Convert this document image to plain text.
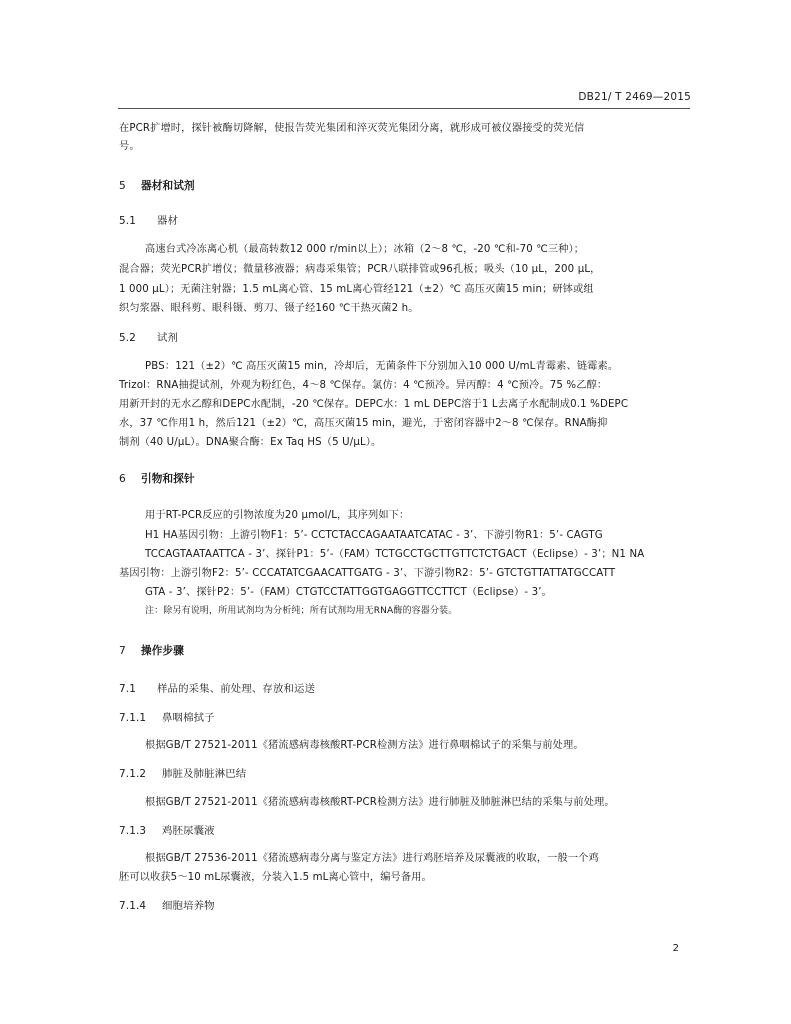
DB21/ T 2469—2015
在PCR扩增时，探针被酶切降解，使报告荧光集团和淬灭荧光集团分离，就形成可被仪器接受的荧光信
号。
5 器材和试剂
5.1 器材
高速台式冷冻离心机（最高转数12 000 r/min以上）；冰箱（2～8 ℃，-20 ℃和-70 ℃三种）；
混合器；荧光PCR扩增仪；微量移液器；病毒采集管；PCR八联排管或96孔板；吸头（10 μL，200 μL，
1 000 μL）；无菌注射器；1.5 mL离心管、15 mL离心管经121（±2）℃ 高压灭菌15 min；研钵或组
织匀浆器、眼科剪、眼科镊、剪刀、镊子经160 ℃干热灭菌2 h。
5.2 试剂
PBS：121（±2）℃ 高压灭菌15 min，冷却后，无菌条件下分别加入10 000 U/mL青霉素、链霉素。
Trizol：RNA抽提试剂，外观为粉红色，4～8 ℃保存。氯仿：4 ℃预冷。异丙醇：4 ℃预冷。75 %乙醇：
用新开封的无水乙醇和DEPC水配制，-20 ℃保存。DEPC水：1 mL DEPC溶于1 L去离子水配制成0.1 %DEPC
水，37 ℃作用1 h，然后121（±2）℃，高压灭菌15 min，避光，于密闭容器中2～8 ℃保存。RNA酶抑
制剂（40 U/μL）。DNA聚合酶：Ex Taq HS（5 U/μL）。
6 引物和探针
用于RT-PCR反应的引物浓度为20 μmol/L，其序列如下：
H1 HA基因引物：上游引物F1：5’- CCTCTACCAGAATAATCATAC - 3’、下游引物R1：5’- CAGTG
TCCAGTAATAATTCA - 3’、探针P1：5’-（FAM）TCTGCCTGCTTGTTCTCTGACT（Eclipse）- 3’；N1 NA
基因引物：上游引物F2：5’- CCCATATCGAACATTGATG - 3’、下游引物R2：5’- GTCTGTTATTATGCCATT
GTA - 3’、探针P2：5’-（FAM）CTGTCCTATTGGTGAGGTTCCTTCT（Eclipse）- 3’。
注：除另有说明，所用试剂均为分析纯；所有试剂均用无RNA酶的容器分装。
7 操作步骤
7.1 样品的采集、前处理、存放和运送
7.1.1 鼻咽棉拭子
根据GB/T 27521-2011《猪流感病毒核酸RT-PCR检测方法》进行鼻咽棉试子的采集与前处理。
7.1.2 肺脏及肺脏淋巴结
根据GB/T 27521-2011《猪流感病毒核酸RT-PCR检测方法》进行肺脏及肺脏淋巴结的采集与前处理。
7.1.3 鸡胚尿囊液
根据GB/T 27536-2011《猪流感病毒分离与鉴定方法》进行鸡胚培养及尿囊液的收取，一般一个鸡
胚可以收获5～10 mL尿囊液，分装入1.5 mL离心管中，编号备用。
7.1.4 细胞培养物
2
